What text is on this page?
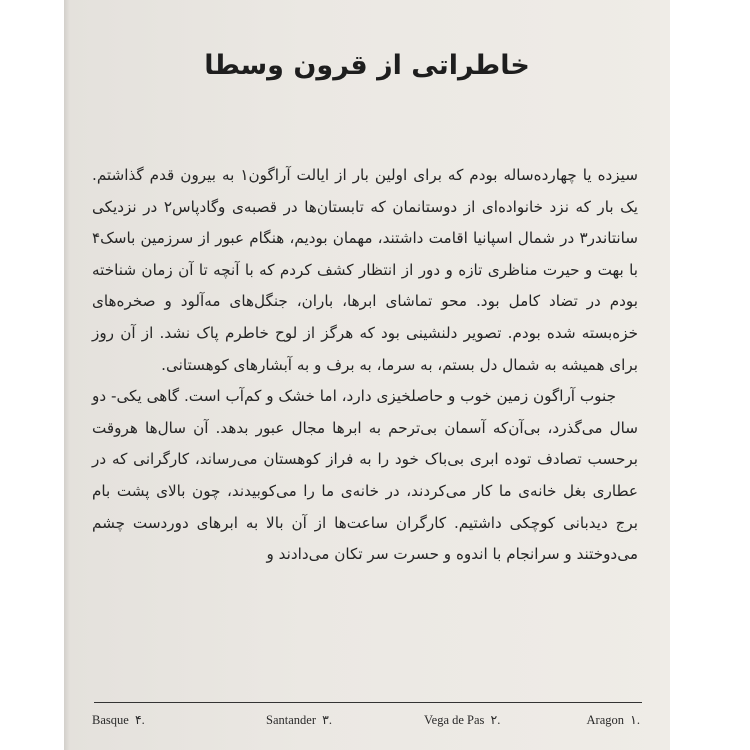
خاطراتی از قرون وسطا

سیزده یا چهارده‌ساله بودم که برای اولین بار از ایالت آراگون۱ به بیرون قدم گذاشتم. یک بار که نزد خانواده‌ای از دوستانمان که تابستان‌ها در قصبه‌ی وگادپاس۲ در نزدیکی سانتاندر۳ در شمال اسپانیا اقامت داشتند، مهمان بودیم، هنگام عبور از سرزمین باسک۴ با بهت و حیرت مناظری تازه و دور از انتظار کشف کردم که با آنچه تا آن زمان شناخته بودم در تضاد کامل بود. محو تماشای ابرها، باران، جنگل‌های مه‌آلود و صخره‌های خزه‌بسته شده بودم. تصویر دلنشینی بود که هرگز از لوح خاطرم پاک نشد. از آن روز برای همیشه به شمال دل بستم، به سرما، به برف و به آبشارهای کوهستانی.

جنوب آراگون زمین خوب و حاصلخیزی دارد، اما خشک و کم‌آب است. گاهی یکی- دو سال می‌گذرد، بی‌آن‌که آسمان بی‌ترحم به ابرها مجال عبور بدهد. آن سال‌ها هروقت برحسب تصادف توده ابری بی‌باک خود را به فراز کوهستان می‌رساند، کارگرانی که در عطاری بغل خانه‌ی ما کار می‌کردند، در خانه‌ی ما را می‌کوبیدند، چون بالای پشت بام برج دیدبانی کوچکی داشتیم. کارگران ساعت‌ها از آن بالا به ابرهای دوردست چشم می‌دوختند و سرانجام با اندوه و حسرت سر تکان می‌دادند و

Aragon ۱.
Vega de Pas ۲.
Santander ۳.
Basque ۴.
